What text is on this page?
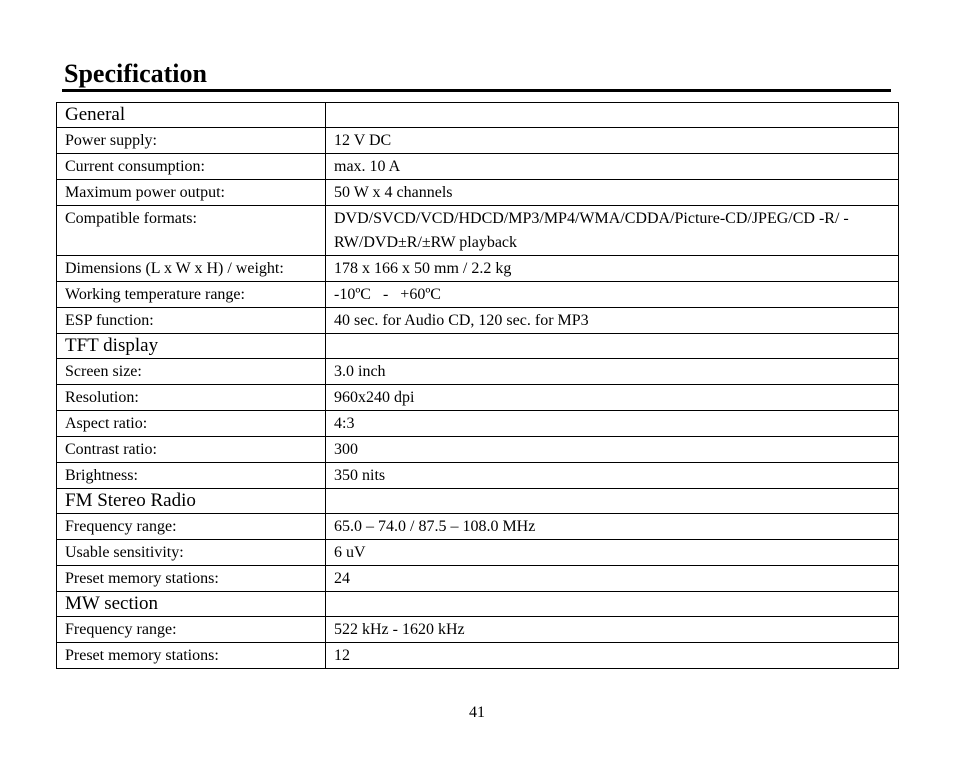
Specification
General	
Power supply:	12 V DC
Current consumption:	max. 10 A
Maximum power output:	50 W x 4 channels
Compatible formats:	DVD/SVCD/VCD/HDCD/MP3/MP4/WMA/CDDA/Picture-CD/JPEG/CD -R/ -RW/DVD±R/±RW playback
Dimensions (L x W x H) / weight:	178 x 166 x 50 mm / 2.2 kg
Working temperature range:	-10ºC   -   +60ºC
ESP function:	40 sec. for Audio CD, 120 sec. for MP3
TFT display	
Screen size:	3.0 inch
Resolution:	960x240 dpi
Aspect ratio:	4:3
Contrast ratio:	300
Brightness:	350 nits
FM Stereo Radio	
Frequency range:	65.0 – 74.0 / 87.5 – 108.0 MHz
Usable sensitivity:	6 uV
Preset memory stations:	24
MW section	
Frequency range:	522 kHz - 1620 kHz
Preset memory stations:	12
41
